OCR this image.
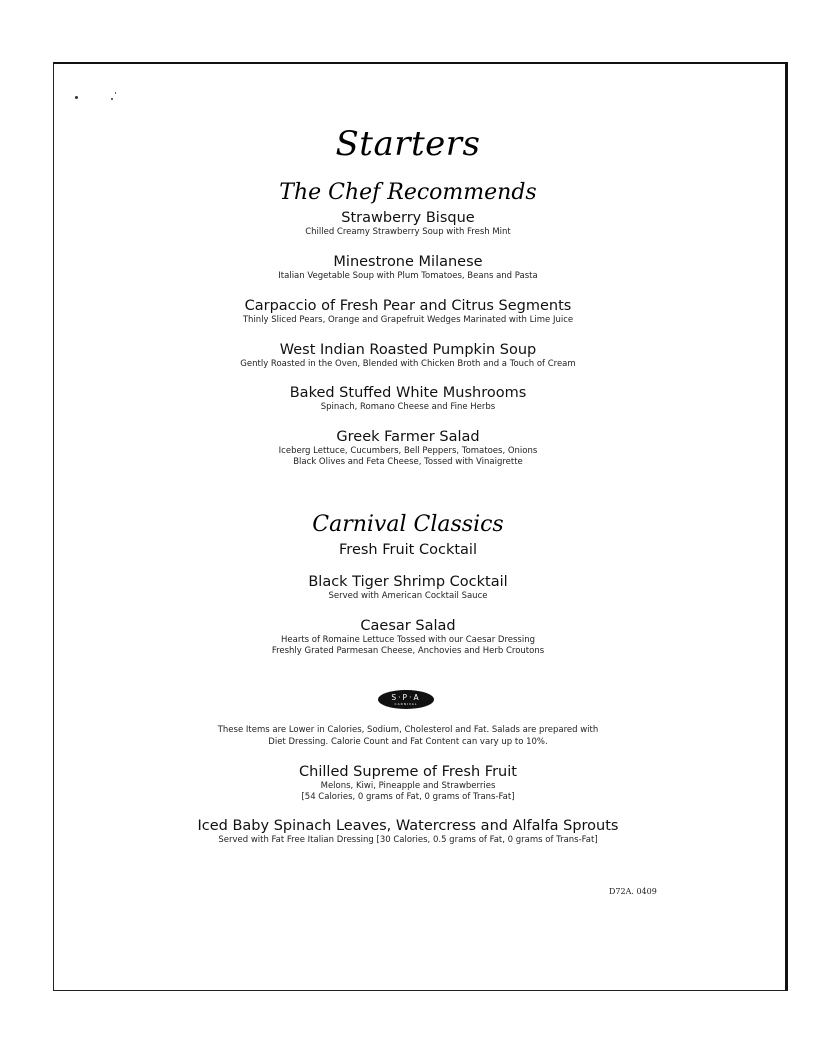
Starters
The Chef Recommends
Strawberry Bisque
Chilled Creamy Strawberry Soup with Fresh Mint
Minestrone Milanese
Italian Vegetable Soup with Plum Tomatoes, Beans and Pasta
Carpaccio of Fresh Pear and Citrus Segments
Thinly Sliced Pears, Orange and Grapefruit Wedges Marinated with Lime Juice
West Indian Roasted Pumpkin Soup
Gently Roasted in the Oven, Blended with Chicken Broth and a Touch of Cream
Baked Stuffed White Mushrooms
Spinach, Romano Cheese and Fine Herbs
Greek Farmer Salad
Iceberg Lettuce, Cucumbers, Bell Peppers, Tomatoes, Onions
Black Olives and Feta Cheese, Tossed with Vinaigrette
Carnival Classics
Fresh Fruit Cocktail
Black Tiger Shrimp Cocktail
Served with American Cocktail Sauce
Caesar Salad
Hearts of Romaine Lettuce Tossed with our Caesar Dressing
Freshly Grated Parmesan Cheese, Anchovies and Herb Croutons
S·P·A
CARNIVAL
These Items are Lower in Calories, Sodium, Cholesterol and Fat. Salads are prepared with
Diet Dressing. Calorie Count and Fat Content can vary up to 10%.
Chilled Supreme of Fresh Fruit
Melons, Kiwi, Pineapple and Strawberries
[54 Calories, 0 grams of Fat, 0 grams of Trans-Fat]
Iced Baby Spinach Leaves, Watercress and Alfalfa Sprouts
Served with Fat Free Italian Dressing [30 Calories, 0.5 grams of Fat, 0 grams of Trans-Fat]
D72A. 0409
